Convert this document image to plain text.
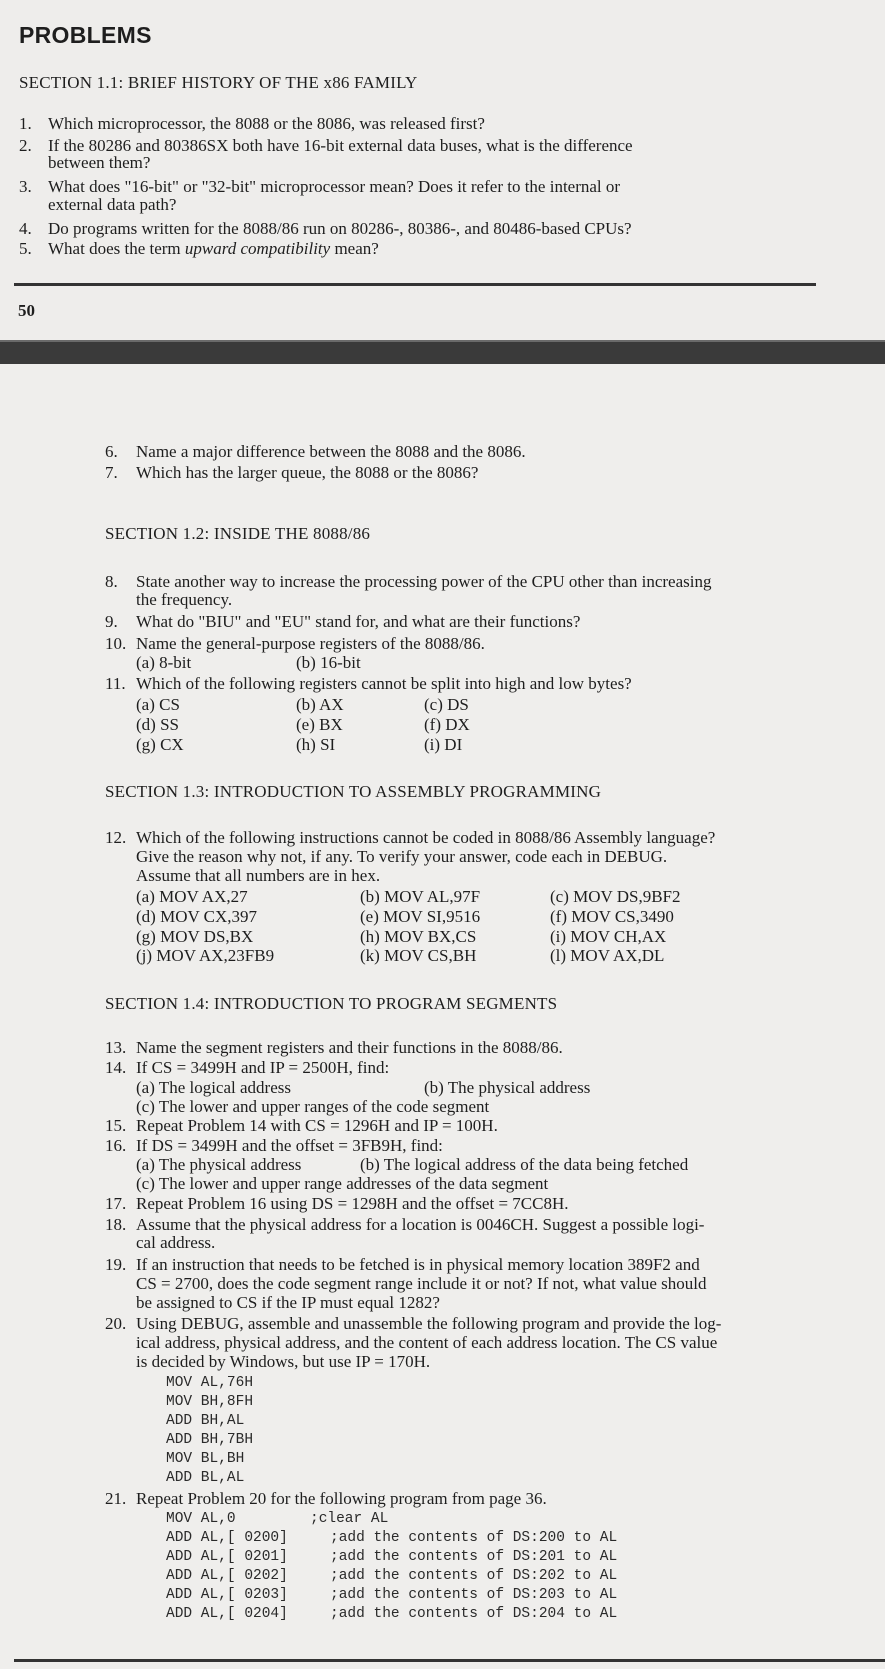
PROBLEMS
SECTION 1.1: BRIEF HISTORY OF THE x86 FAMILY
1. Which microprocessor, the 8088 or the 8086, was released first?
2. If the 80286 and 80386SX both have 16-bit external data buses, what is the difference
between them?
3. What does "16-bit" or "32-bit" microprocessor mean? Does it refer to the internal or
external data path?
4. Do programs written for the 8088/86 run on 80286-, 80386-, and 80486-based CPUs?
5. What does the term upward compatibility mean?
50
6. Name a major difference between the 8088 and the 8086.
7. Which has the larger queue, the 8088 or the 8086?
SECTION 1.2: INSIDE THE 8088/86
8. State another way to increase the processing power of the CPU other than increasing
the frequency.
9. What do "BIU" and "EU" stand for, and what are their functions?
10. Name the general-purpose registers of the 8088/86.
(a) 8-bit	(b) 16-bit
11. Which of the following registers cannot be split into high and low bytes?
(a) CS	(b) AX	(c) DS
(d) SS	(e) BX	(f) DX
(g) CX	(h) SI	(i) DI
SECTION 1.3: INTRODUCTION TO ASSEMBLY PROGRAMMING
12. Which of the following instructions cannot be coded in 8088/86 Assembly language?
Give the reason why not, if any. To verify your answer, code each in DEBUG.
Assume that all numbers are in hex.
(a) MOV AX,27	(b) MOV AL,97F	(c) MOV DS,9BF2
(d) MOV CX,397	(e) MOV SI,9516	(f) MOV CS,3490
(g) MOV DS,BX	(h) MOV BX,CS	(i) MOV CH,AX
(j) MOV AX,23FB9	(k) MOV CS,BH	(l) MOV AX,DL
SECTION 1.4: INTRODUCTION TO PROGRAM SEGMENTS
13. Name the segment registers and their functions in the 8088/86.
14. If CS = 3499H and IP = 2500H, find:
(a) The logical address	(b) The physical address
(c) The lower and upper ranges of the code segment
15. Repeat Problem 14 with CS = 1296H and IP = 100H.
16. If DS = 3499H and the offset = 3FB9H, find:
(a) The physical address	(b) The logical address of the data being fetched
(c) The lower and upper range addresses of the data segment
17. Repeat Problem 16 using DS = 1298H and the offset = 7CC8H.
18. Assume that the physical address for a location is 0046CH. Suggest a possible logi-
cal address.
19. If an instruction that needs to be fetched is in physical memory location 389F2 and
CS = 2700, does the code segment range include it or not? If not, what value should
be assigned to CS if the IP must equal 1282?
20. Using DEBUG, assemble and unassemble the following program and provide the log-
ical address, physical address, and the content of each address location. The CS value
is decided by Windows, but use IP = 170H.
MOV AL,76H
MOV BH,8FH
ADD BH,AL
ADD BH,7BH
MOV BL,BH
ADD BL,AL
21. Repeat Problem 20 for the following program from page 36.
MOV AL,0	;clear AL
ADD AL,[ 0200]	;add the contents of DS:200 to AL
ADD AL,[ 0201]	;add the contents of DS:201 to AL
ADD AL,[ 0202]	;add the contents of DS:202 to AL
ADD AL,[ 0203]	;add the contents of DS:203 to AL
ADD AL,[ 0204]	;add the contents of DS:204 to AL
